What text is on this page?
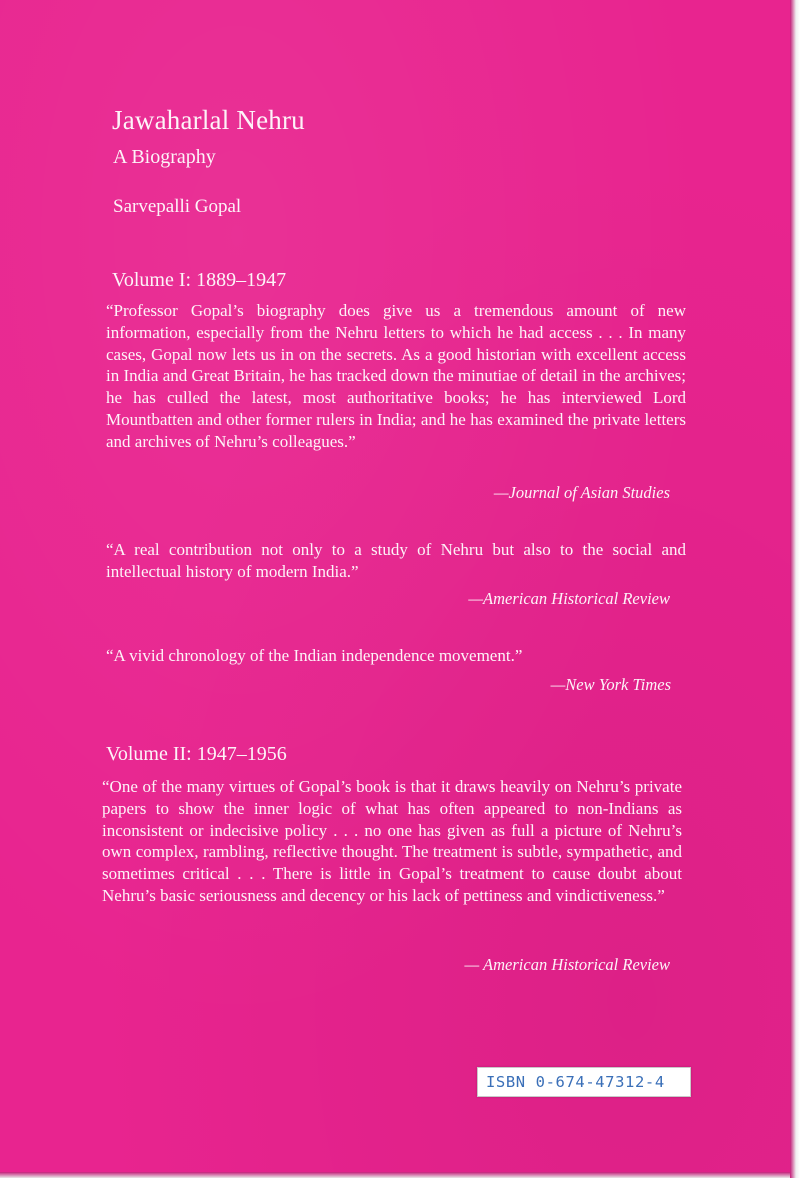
Jawaharlal Nehru
A Biography
Sarvepalli Gopal
Volume I: 1889–1947
“Professor Gopal’s biography does give us a tremendous amount of new information, especially from the Nehru letters to which he had access . . . In many cases, Gopal now lets us in on the secrets. As a good historian with excellent access in India and Great Britain, he has tracked down the minutiae of detail in the archives; he has culled the latest, most authoritative books; he has interviewed Lord Mountbatten and other former rulers in India; and he has examined the private letters and archives of Nehru’s colleagues.”
—Journal of Asian Studies
“A real contribution not only to a study of Nehru but also to the social and intellectual history of modern India.”
—American Historical Review
“A vivid chronology of the Indian independence movement.”
—New York Times
Volume II: 1947–1956
“One of the many virtues of Gopal’s book is that it draws heavily on Nehru’s private papers to show the inner logic of what has often appeared to non-Indians as inconsistent or indecisive policy . . . no one has given as full a picture of Nehru’s own complex, rambling, reflective thought. The treatment is subtle, sympathetic, and sometimes critical . . . There is little in Gopal’s treatment to cause doubt about Nehru’s basic seriousness and decency or his lack of pettiness and vindictiveness.”
— American Historical Review
ISBN 0-674-47312-4
